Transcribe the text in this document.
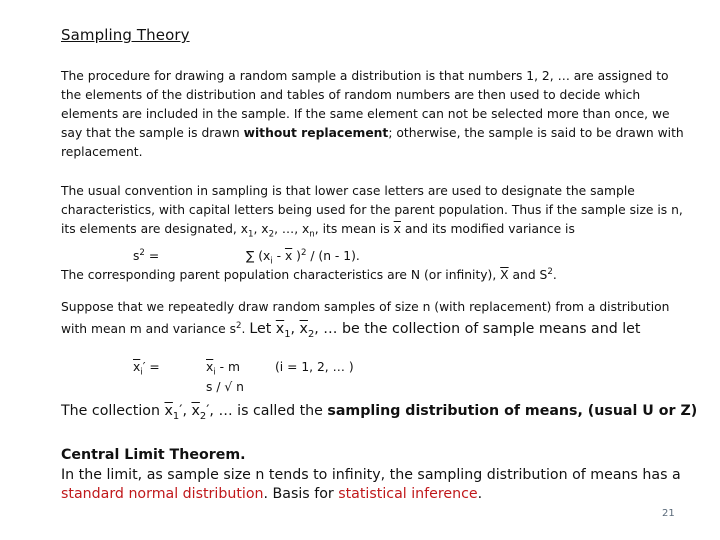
Sampling Theory
The procedure for drawing a random sample a distribution is that numbers 1, 2, … are assigned to the elements of the distribution and tables of random numbers are then used to decide which elements are included in the sample. If the same element can not be selected more than once, we say that the sample is drawn without replacement; otherwise, the sample is said to be drawn with replacement.
The usual convention in sampling is that lower case letters are used to designate the sample characteristics, with capital letters being used for the parent population. Thus if the sample size is n, its elements are designated, $x_1$, $x_2$, …, $x_n$, its mean is $\overline{x}$ and its modified variance is
$s^2$ =	∑ ($x_i - \overline{x}$ )$^2$ / (n - 1).
The corresponding parent population characteristics are N (or infinity), $\overline{X}$ and $S^2$.
Suppose that we repeatedly draw random samples of size n (with replacement) from a distribution with mean m and variance $s^2$. Let $\overline{x}_1$, $\overline{x}_2$, … be the collection of sample means and let
$\overline{x}_i'$ =	$\overline{x}_i$ - m
s / √ n
(i = 1, 2, … )
The collection $\overline{x}_1'$, $\overline{x}_2'$, … is called the sampling distribution of means, (usual U or Z)
Central Limit Theorem.
In the limit, as sample size n tends to infinity, the sampling distribution of means has a standard normal distribution. Basis for statistical inference.
21
